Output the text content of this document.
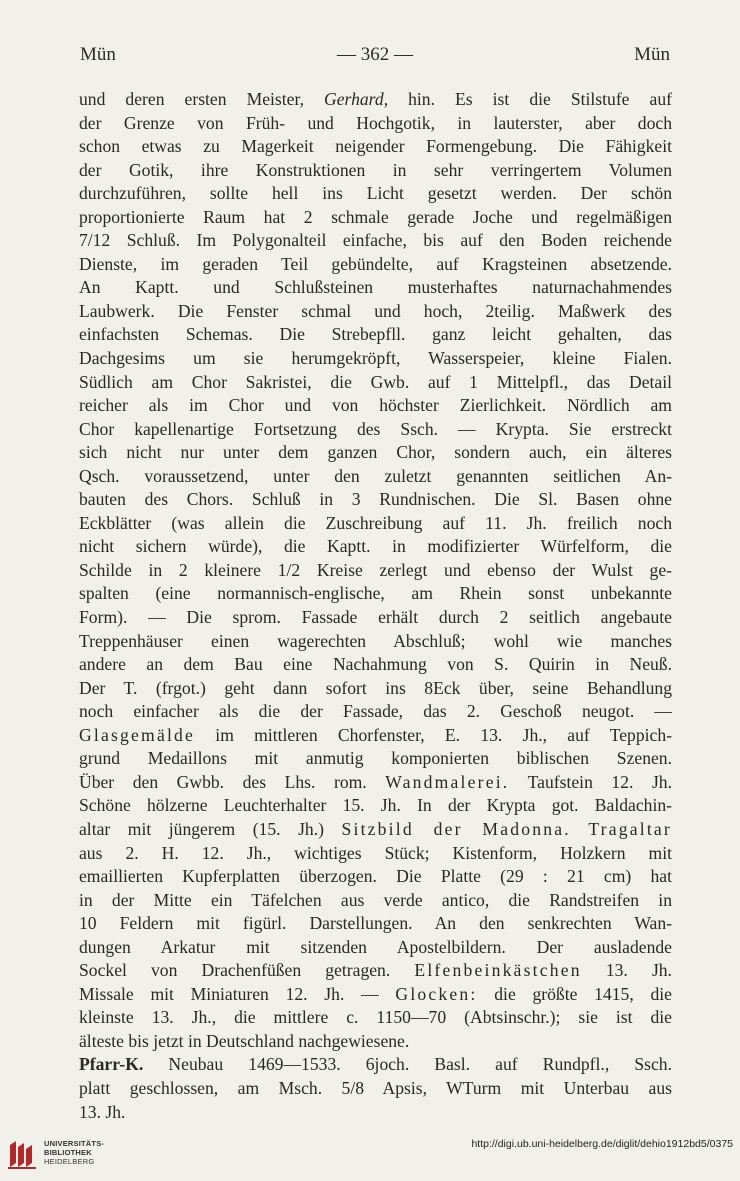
Mün	— 362 —	Mün
und deren ersten Meister, Gerhard, hin. Es ist die Stilstufe auf
der Grenze von Früh- und Hochgotik, in lauterster, aber doch
schon etwas zu Magerkeit neigender Formengebung. Die Fähigkeit
der Gotik, ihre Konstruktionen in sehr verringertem Volumen
durchzuführen, sollte hell ins Licht gesetzt werden. Der schön
proportionierte Raum hat 2 schmale gerade Joche und regelmäßigen
7/12 Schluß. Im Polygonalteil einfache, bis auf den Boden reichende
Dienste, im geraden Teil gebündelte, auf Kragsteinen absetzende.
An Kaptt. und Schlußsteinen musterhaftes naturnachahmendes
Laubwerk. Die Fenster schmal und hoch, 2teilig. Maßwerk des
einfachsten Schemas. Die Strebepfll. ganz leicht gehalten, das
Dachgesims um sie herumgekröpft, Wasserspeier, kleine Fialen.
Südlich am Chor Sakristei, die Gwb. auf 1 Mittelpfl., das Detail
reicher als im Chor und von höchster Zierlichkeit. Nördlich am
Chor kapellenartige Fortsetzung des Ssch. — Krypta. Sie erstreckt
sich nicht nur unter dem ganzen Chor, sondern auch, ein älteres
Qsch. voraussetzend, unter den zuletzt genannten seitlichen An-
bauten des Chors. Schluß in 3 Rundnischen. Die Sl. Basen ohne
Eckblätter (was allein die Zuschreibung auf 11. Jh. freilich noch
nicht sichern würde), die Kaptt. in modifizierter Würfelform, die
Schilde in 2 kleinere 1/2 Kreise zerlegt und ebenso der Wulst ge-
spalten (eine normannisch-englische, am Rhein sonst unbekannte
Form). — Die sprom. Fassade erhält durch 2 seitlich angebaute
Treppenhäuser einen wagerechten Abschluß; wohl wie manches
andere an dem Bau eine Nachahmung von S. Quirin in Neuß.
Der T. (frgot.) geht dann sofort ins 8Eck über, seine Behandlung
noch einfacher als die der Fassade, das 2. Geschoß neugot. —
Glasgemälde im mittleren Chorfenster, E. 13. Jh., auf Teppich-
grund Medaillons mit anmutig komponierten biblischen Szenen.
Über den Gwbb. des Lhs. rom. Wandmalerei. Taufstein 12. Jh.
Schöne hölzerne Leuchterhalter 15. Jh. In der Krypta got. Baldachin-
altar mit jüngerem (15. Jh.) Sitzbild der Madonna. Tragaltar
aus 2. H. 12. Jh., wichtiges Stück; Kistenform, Holzkern mit
emaillierten Kupferplatten überzogen. Die Platte (29 : 21 cm) hat
in der Mitte ein Täfelchen aus verde antico, die Randstreifen in
10 Feldern mit figürl. Darstellungen. An den senkrechten Wan-
dungen Arkatur mit sitzenden Apostelbildern. Der ausladende
Sockel von Drachenfüßen getragen. Elfenbeinkästchen 13. Jh.
Missale mit Miniaturen 12. Jh. — Glocken: die größte 1415, die
kleinste 13. Jh., die mittlere c. 1150—70 (Abtsinschr.); sie ist die
älteste bis jetzt in Deutschland nachgewiesene.
Pfarr-K. Neubau 1469—1533. 6joch. Basl. auf Rundpfl., Ssch.
platt geschlossen, am Msch. 5/8 Apsis, WTurm mit Unterbau aus
13. Jh.
UNIVERSITÄTS-
BIBLIOTHEK
HEIDELBERG
http://digi.ub.uni-heidelberg.de/diglit/dehio1912bd5/0375
